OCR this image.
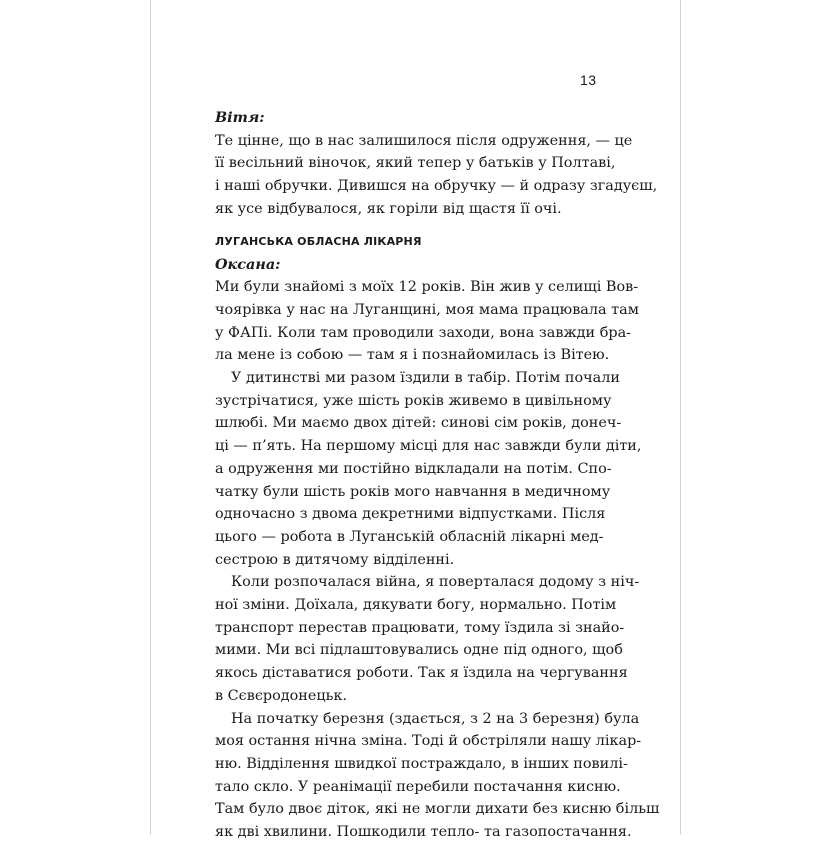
13

Вітя:

Те цінне, що в нас залишилося після одруження, — це
її весільний віночок, який тепер у батьків у Полтаві,
і наші обручки. Дивишся на обручку — й одразу згадуєш,
як усе відбувалося, як горіли від щастя її очі.

ЛУГАНСЬКА ОБЛАСНА ЛІКАРНЯ

Оксана:

Ми були знайомі з моїх 12 років. Він жив у селищі Вов-
чоярівка у нас на Луганщині, моя мама працювала там
у ФАПі. Коли там проводили заходи, вона завжди бра-
ла мене із собою — там я і познайомилась із Вітею.

У дитинстві ми разом їздили в табір. Потім почали
зустрічатися, уже шість років живемо в цивільному
шлюбі. Ми маємо двох дітей: синові сім років, донеч-
ці — п’ять. На першому місці для нас завжди були діти,
а одруження ми постійно відкладали на потім. Спо-
чатку були шість років мого навчання в медичному
одночасно з двома декретними відпустками. Після
цього — робота в Луганській обласній лікарні мед-
сестрою в дитячому відділенні.

Коли розпочалася війна, я поверталася додому з ніч-
ної зміни. Доїхала, дякувати богу, нормально. Потім
транспорт перестав працювати, тому їздила зі знайо-
мими. Ми всі підлаштовувались одне під одного, щоб
якось діставатися роботи. Так я їздила на чергування
в Сєвєродонецьк.

На початку березня (здається, з 2 на 3 березня) була
моя остання нічна зміна. Тоді й обстріляли нашу лікар-
ню. Відділення швидкої постраждало, в інших повилі-
тало скло. У реанімації перебили постачання кисню.
Там було двоє діток, які не могли дихати без кисню більш
як дві хвилини. Пошкодили тепло- та газопостачання.
